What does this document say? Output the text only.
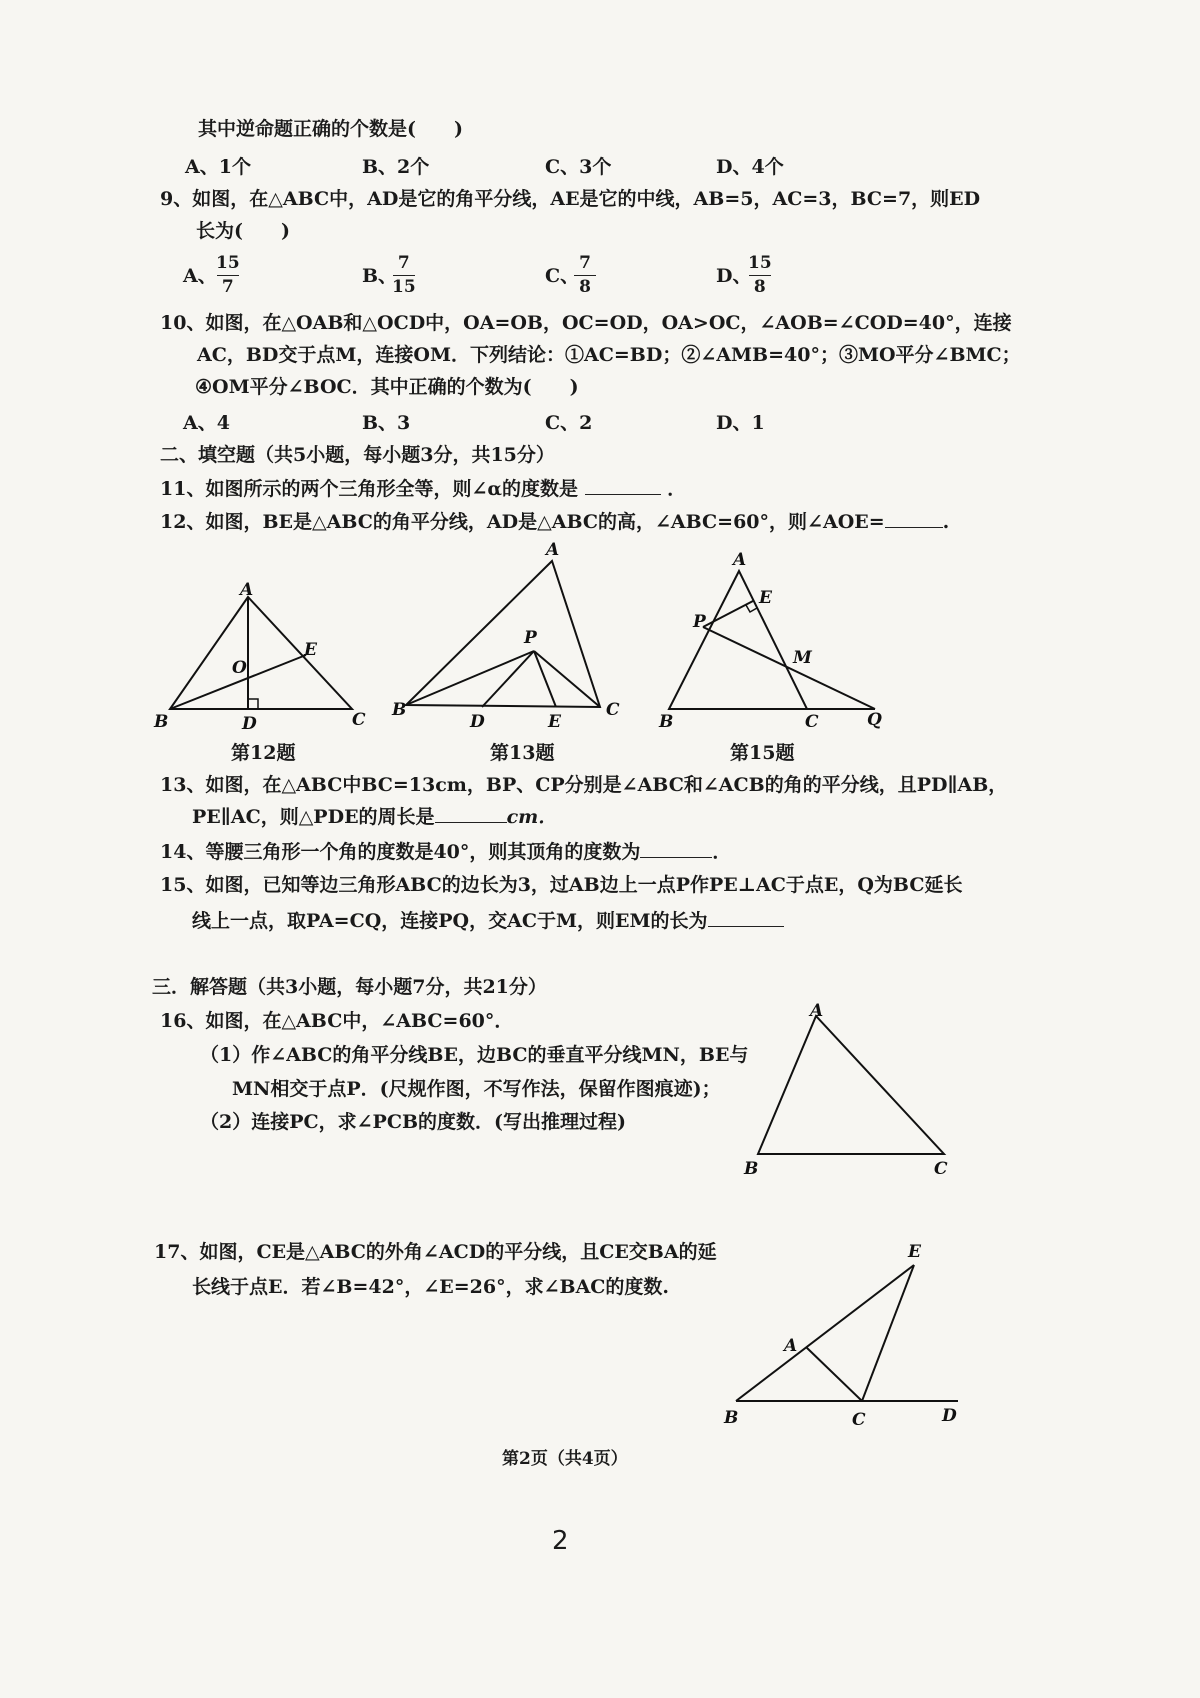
其中逆命题正确的个数是(　　)
A、1个	B、2个	C、3个	D、4个
9、如图，在△ABC中，AD是它的角平分线，AE是它的中线，AB=5，AC=3，BC=7，则ED
长为(　　)
A、
15
7	B、
7
15	C、
7
8	D、
15
8
10、如图，在△OAB和△OCD中，OA=OB，OC=OD，OA>OC，∠AOB=∠COD=40°，连接
AC，BD交于点M，连接OM．下列结论：①AC=BD；②∠AMB=40°；③MO平分∠BMC；
④OM平分∠BOC．其中正确的个数为(　　)
A、4	B、3	C、2	D、1
二、填空题（共5小题，每小题3分，共15分）
11、如图所示的两个三角形全等，则∠α的度数是	．
12、如图，BE是△ABC的角平分线，AD是△ABC的高，∠ABC=60°，则∠AOE=	.
A
B	C
D
E
O
第12题
A
B	C
D	E
P
第13题
A
B	C
E
M
P
Q
第15题
13、如图，在△ABC中BC=13cm，BP、CP分别是∠ABC和∠ACB的角的平分线，且PD∥AB，
PE∥AC，则△PDE的周长是	cm．
14、等腰三角形一个角的度数是40°，则其顶角的度数为	．
15、如图，已知等边三角形ABC的边长为3，过AB边上一点P作PE⊥AC于点E，Q为BC延长
线上一点，取PA=CQ，连接PQ，交AC于M，则EM的长为
三．解答题（共3小题，每小题7分，共21分）
16、如图，在△ABC中，∠ABC=60°．
（1）作∠ABC的角平分线BE，边BC的垂直平分线MN，BE与
MN相交于点P．(尺规作图，不写作法，保留作图痕迹)；
（2）连接PC，求∠PCB的度数．(写出推理过程)
A
B	C
17、如图，CE是△ABC的外角∠ACD的平分线，且CE交BA的延
长线于点E．若∠B=42°，∠E=26°，求∠BAC的度数.
E
A
B	C	D
第2页（共4页）
2
